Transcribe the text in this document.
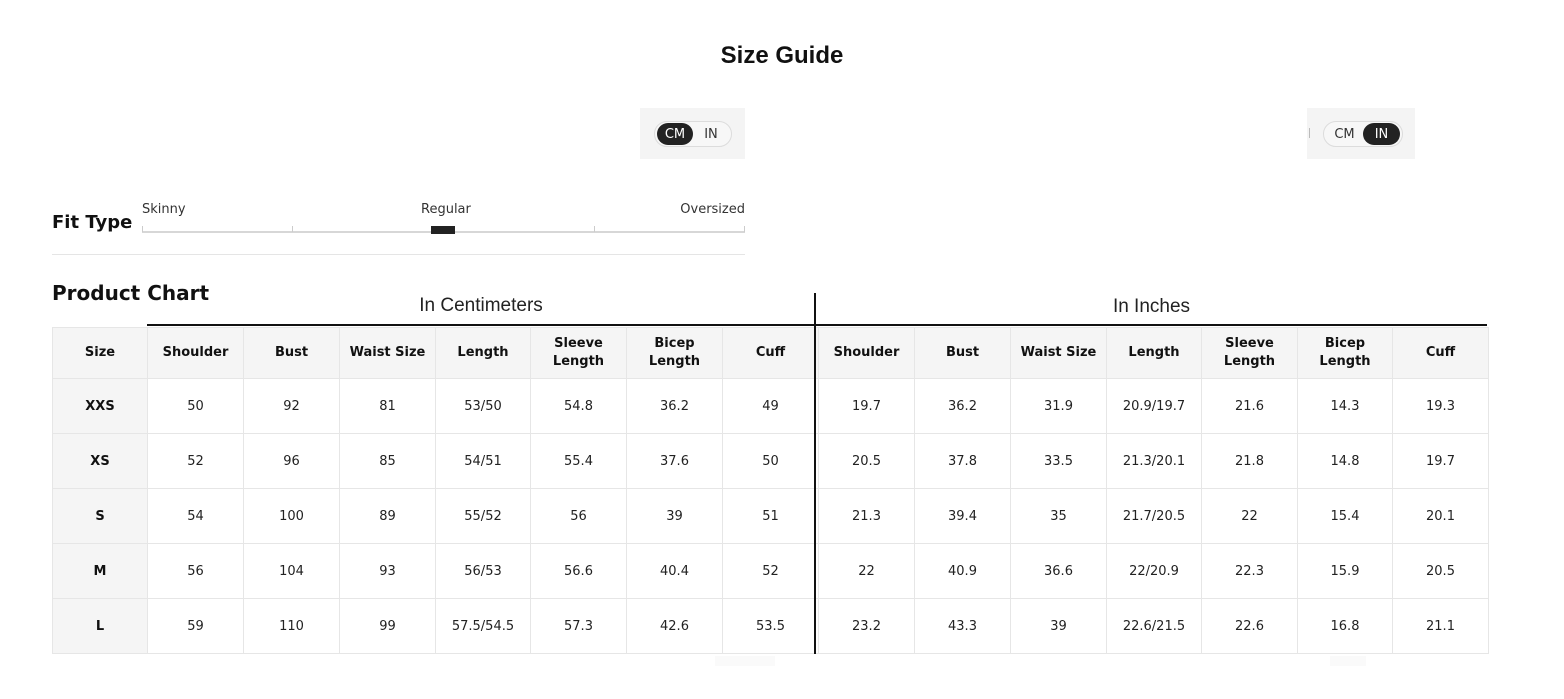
Size Guide
CM	IN	CM	IN
Fit Type
Skinny	Regular	Oversized
Product Chart
In Centimeters	In Inches
Size	Shoulder	Bust	Waist Size	Length	Sleeve Length	Bicep Length	Cuff	Shoulder	Bust	Waist Size	Length	Sleeve Length	Bicep Length	Cuff
XXS	50	92	81	53/50	54.8	36.2	49	19.7	36.2	31.9	20.9/19.7	21.6	14.3	19.3
XS	52	96	85	54/51	55.4	37.6	50	20.5	37.8	33.5	21.3/20.1	21.8	14.8	19.7
S	54	100	89	55/52	56	39	51	21.3	39.4	35	21.7/20.5	22	15.4	20.1
M	56	104	93	56/53	56.6	40.4	52	22	40.9	36.6	22/20.9	22.3	15.9	20.5
L	59	110	99	57.5/54.5	57.3	42.6	53.5	23.2	43.3	39	22.6/21.5	22.6	16.8	21.1
